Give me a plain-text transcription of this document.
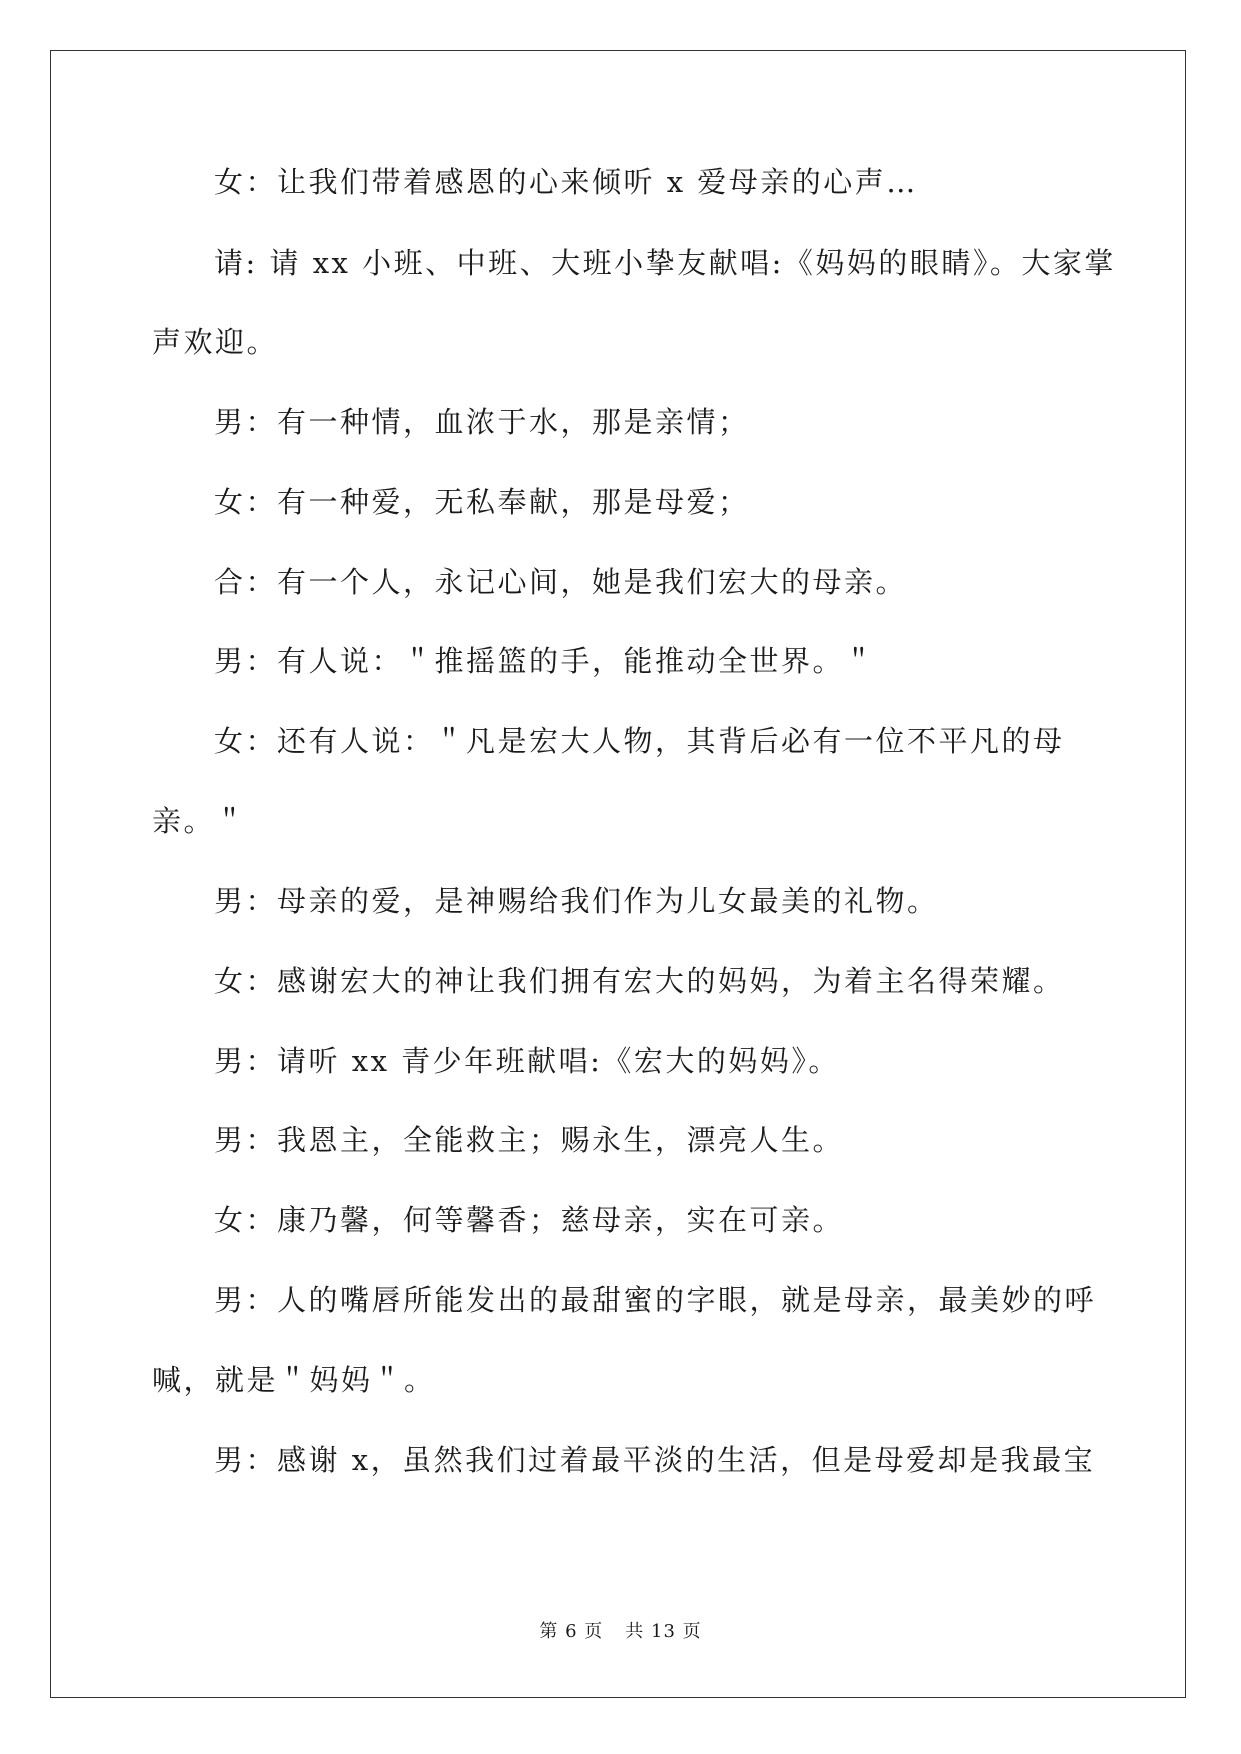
女：让我们带着感恩的心来倾听 x 爱母亲的心声…
请: 请 xx 小班、中班、大班小挚友献唱:《妈妈的眼睛》。大家掌
声欢迎。
男：有一种情，血浓于水，那是亲情；
女：有一种爱，无私奉献，那是母爱；
合：有一个人，永记心间，她是我们宏大的母亲。
男：有人说：＂推摇篮的手，能推动全世界。＂
女：还有人说：＂凡是宏大人物，其背后必有一位不平凡的母
亲。＂
男：母亲的爱，是神赐给我们作为儿女最美的礼物。
女：感谢宏大的神让我们拥有宏大的妈妈，为着主名得荣耀。
男：请听 xx 青少年班献唱:《宏大的妈妈》。
男：我恩主，全能救主；赐永生，漂亮人生。
女：康乃馨，何等馨香；慈母亲，实在可亲。
男：人的嘴唇所能发出的最甜蜜的字眼，就是母亲，最美妙的呼
喊，就是＂妈妈＂。
男：感谢 x，虽然我们过着最平淡的生活，但是母爱却是我最宝
第 6 页 共 13 页
